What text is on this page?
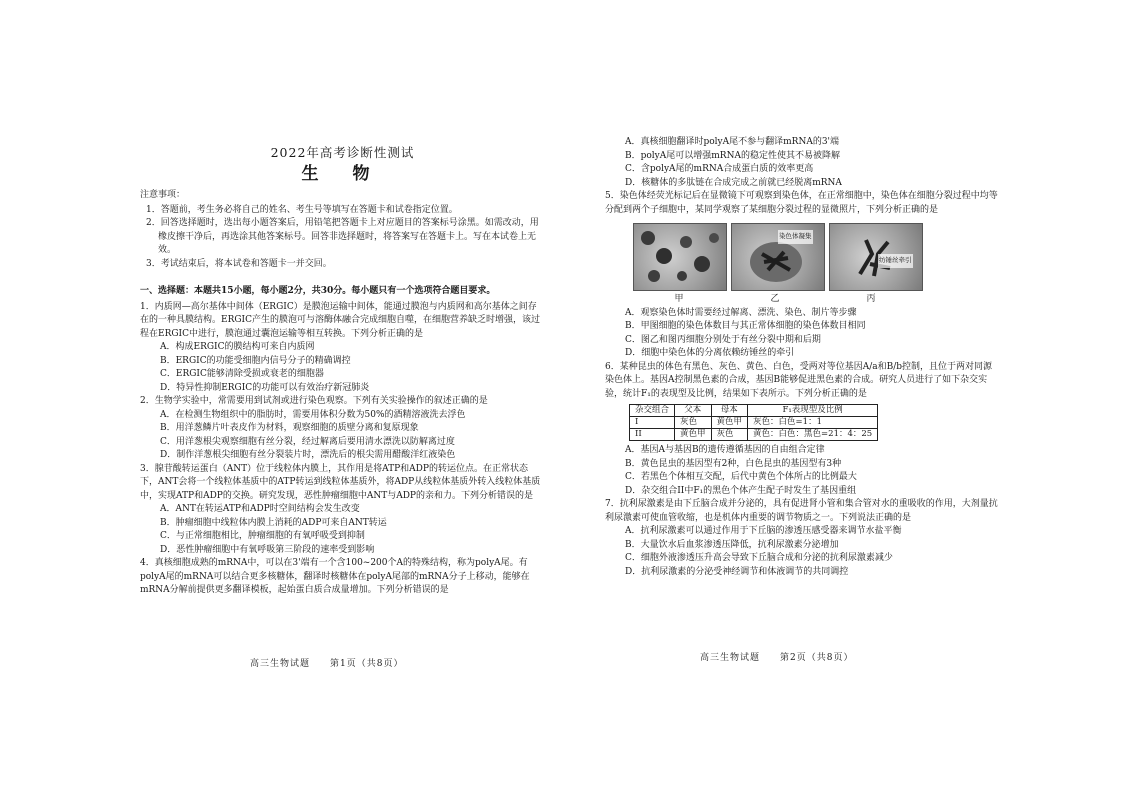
2022年高考诊断性测试
生 物
注意事项：

1．答题前，考生务必将自己的姓名、考生号等填写在答题卡和试卷指定位置。

2．回答选择题时，选出每小题答案后，用铅笔把答题卡上对应题目的答案标号涂黑。如需改动，用橡皮擦干净后，再选涂其他答案标号。回答非选择题时，将答案写在答题卡上。写在本试卷上无效。

3．考试结束后，将本试卷和答题卡一并交回。

一、选择题：本题共15小题，每小题2分，共30分。每小题只有一个选项符合题目要求。

1．内质网—高尔基体中间体（ERGIC）是膜泡运输中间体，能通过膜泡与内质网和高尔基体之间存在的一种具膜结构。ERGIC产生的膜泡可与溶酶体融合完成细胞自噬，在细胞营养缺乏时增强，该过程在ERGIC中进行，膜泡通过囊泡运输等相互转换。下列分析正确的是

A．构成ERGIC的膜结构可来自内质网

B．ERGIC的功能受细胞内信号分子的精确调控

C．ERGIC能够清除受损或衰老的细胞器

D．特异性抑制ERGIC的功能可以有效治疗新冠肺炎

2．生物学实验中，常需要用到试剂或进行染色观察。下列有关实验操作的叙述正确的是

A．在检测生物组织中的脂肪时，需要用体积分数为50%的酒精溶液洗去浮色

B．用洋葱鳞片叶表皮作为材料，观察细胞的质壁分离和复原现象

C．用洋葱根尖观察细胞有丝分裂，经过解离后要用清水漂洗以防解离过度

D．制作洋葱根尖细胞有丝分裂装片时，漂洗后的根尖需用醋酸洋红液染色

3．腺苷酸转运蛋白（ANT）位于线粒体内膜上，其作用是将ATP和ADP的转运位点。在正常状态下，ANT会将一个线粒体基质中的ATP转运到线粒体基质外，将ADP从线粒体基质外转入线粒体基质中，实现ATP和ADP的交换。研究发现，恶性肿瘤细胞中ANT与ADP的亲和力。下列分析错误的是

A．ANT在转运ATP和ADP时空间结构会发生改变

B．肿瘤细胞中线粒体内膜上消耗的ADP可来自ANT转运

C．与正常细胞相比，肿瘤细胞的有氧呼吸受到抑制

D．恶性肿瘤细胞中有氧呼吸第三阶段的速率受到影响

4．真核细胞成熟的mRNA中，可以在3'端有一个含100~200个A的特殊结构，称为polyA尾。有polyA尾的mRNA可以结合更多核糖体，翻译时核糖体在polyA尾部的mRNA分子上移动，能够在mRNA分解前提供更多翻译模板，起始蛋白质合成量增加。下列分析错误的是

高三生物试题　　第1页（共8页）

A．真核细胞翻译时polyA尾不参与翻译mRNA的3'端

B．polyA尾可以增强mRNA的稳定性使其不易被降解

C．含polyA尾的mRNA合成蛋白质的效率更高

D．核糖体的多肽链在合成完成之前就已经脱离mRNA

5．染色体经荧光标记后在显微镜下可观察到染色体，在正常细胞中，染色体在细胞分裂过程中均等分配到两个子细胞中，某同学观察了某细胞分裂过程的显微照片，下列分析正确的是

染色体凝集
纺锤丝牵引
甲	乙	丙

A．观察染色体时需要经过解离、漂洗、染色、制片等步骤

B．甲图细胞的染色体数目与其正常体细胞的染色体数目相同

C．图乙和图丙细胞分别处于有丝分裂中期和后期

D．细胞中染色体的分离依赖纺锤丝的牵引

6．某种昆虫的体色有黑色、灰色、黄色、白色，受两对等位基因A/a和B/b控制，且位于两对同源染色体上。基因A控制黑色素的合成，基因B能够促进黑色素的合成。研究人员进行了如下杂交实验，统计F₁的表现型及比例，结果如下表所示。下列分析正确的是

杂交组合	父本	母本	F₁表现型及比例
I	灰色	黄色甲	灰色：白色=1：1
II	黄色甲	灰色	黄色：白色：黑色=21：4：25

A．基因A与基因B的遗传遵循基因的自由组合定律

B．黄色昆虫的基因型有2种，白色昆虫的基因型有3种

C．若黑色个体相互交配，后代中黄色个体所占的比例最大

D．杂交组合II中F₁的黑色个体产生配子时发生了基因重组

7．抗利尿激素是由下丘脑合成并分泌的，具有促进肾小管和集合管对水的重吸收的作用，大剂量抗利尿激素可使血管收缩，也是机体内重要的调节物质之一。下列说法正确的是

A．抗利尿激素可以通过作用于下丘脑的渗透压感受器来调节水盐平衡

B．大量饮水后血浆渗透压降低，抗利尿激素分泌增加

C．细胞外液渗透压升高会导致下丘脑合成和分泌的抗利尿激素减少

D．抗利尿激素的分泌受神经调节和体液调节的共同调控

高三生物试题　　第2页（共8页）
